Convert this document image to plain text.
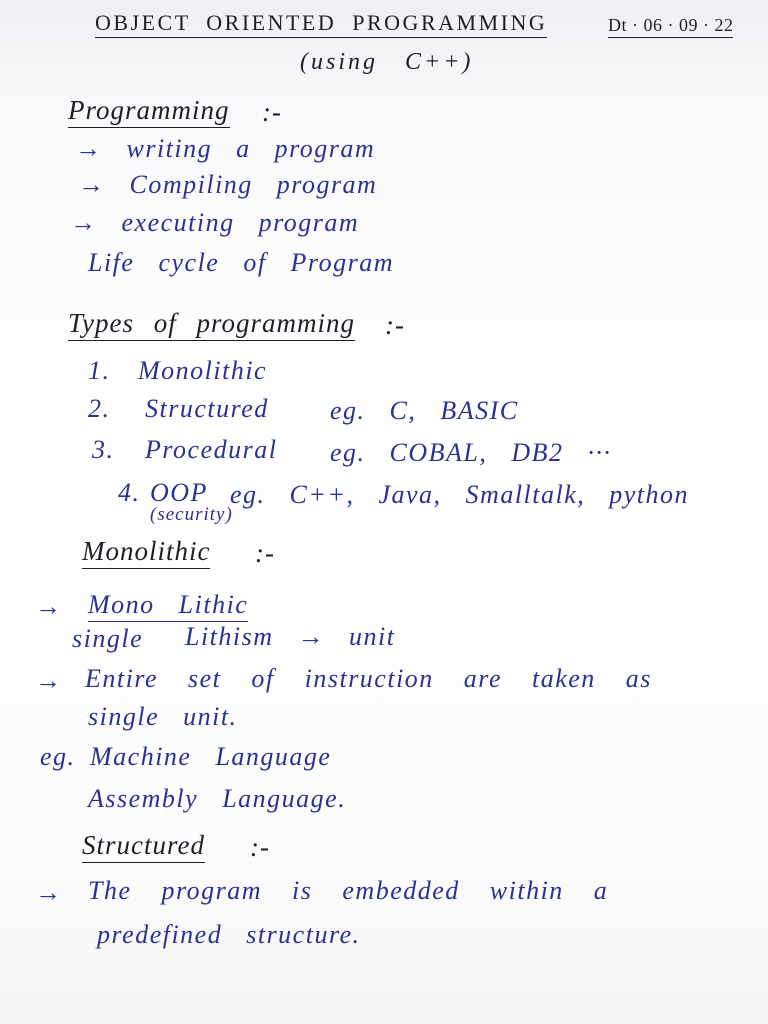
OBJECT ORIENTED PROGRAMMING	Dt · 06 · 09 · 22
(using C++)
Programming :-
→ writing a program
→ Compiling program
→ executing program
Life cycle of Program
Types of programming :-
1. Monolithic
2. Structured eg. C, BASIC
3. Procedural eg. COBAL, DB2 ···
4. OOP eg. C++, Java, Smalltalk, python
(security)
Monolithic :-
→ Mono Lithic
single Lithism → unit
→ Entire set of instruction are taken as
single unit.
eg. Machine Language
Assembly Language.
Structured :-
→ The program is embedded within a
predefined structure.
